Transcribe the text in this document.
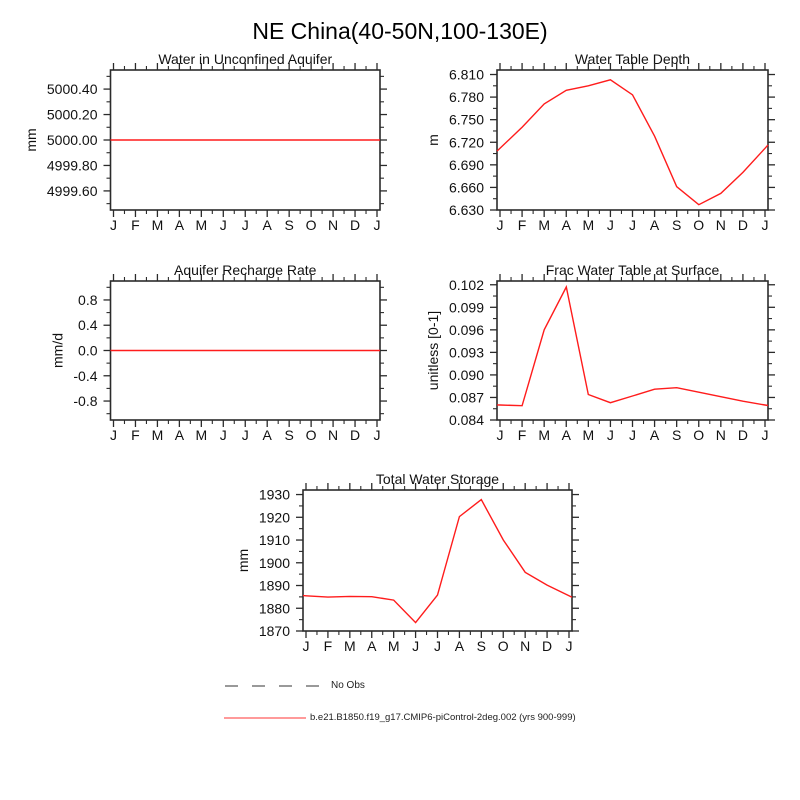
NE China(40-50N,100-130E)
Water in Unconfined Aquifer
5000.40
5000.20
5000.00
4999.80
4999.60
J F M A M J J A S O N D J
mm
Water Table Depth
6.810
6.780
6.750
6.720
6.690
6.660
6.630
J F M A M J J A S O N D J
m
Aquifer Recharge Rate
0.8
0.4
0.0
-0.4
-0.8
J F M A M J J A S O N D J
mm/d
Frac Water Table at Surface
0.102
0.099
0.096
0.093
0.090
0.087
0.084
J F M A M J J A S O N D J
unitless [0-1]
Total Water Storage
1930
1920
1910
1900
1890
1880
1870
J F M A M J J A S O N D J
mm
No Obs
b.e21.B1850.f19_g17.CMIP6-piControl-2deg.002 (yrs 900-999)
